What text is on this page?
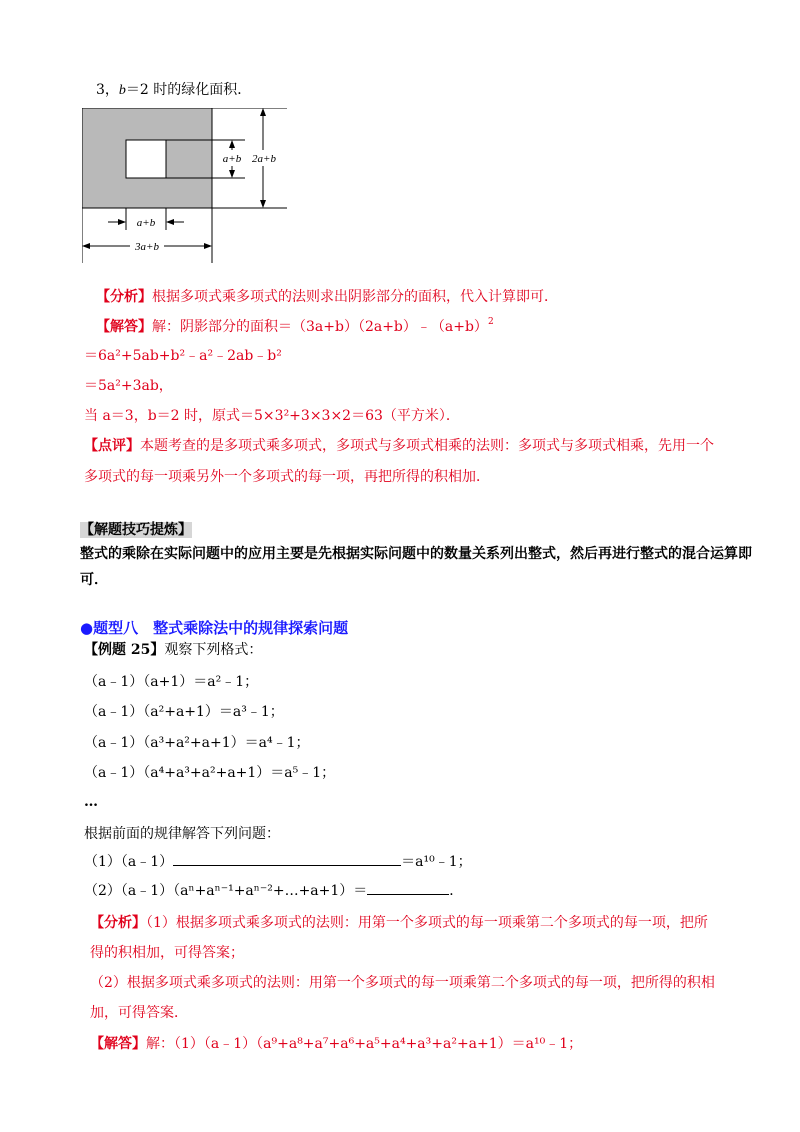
3，b＝2 时的绿化面积．
a+b 2a+b
a+b
3a+b
【分析】根据多项式乘多项式的法则求出阴影部分的面积，代入计算即可．
【解答】解：阴影部分的面积$=(3a+b)(2a+b)﹣(a+b)^2$
＝6a²+5ab+b²﹣a²﹣2ab﹣b²
＝5a²+3ab，
当 a＝3，b＝2 时，原式＝5×3²+3×3×2＝63（平方米）．
【点评】本题考查的是多项式乘多项式，多项式与多项式相乘的法则：多项式与多项式相乘，先用一个
多项式的每一项乘另外一个多项式的每一项，再把所得的积相加．
【解题技巧提炼】
整式的乘除在实际问题中的应用主要是先根据实际问题中的数量关系列出整式，然后再进行整式的混合运算即
可．
●题型八　整式乘除法中的规律探索问题
【例题 25】观察下列格式：
（a﹣1）（a+1）＝a²﹣1；
（a﹣1）（a²+a+1）＝a³﹣1；
（a﹣1）（a³+a²+a+1）＝a⁴﹣1；
（a﹣1）（a⁴+a³+a²+a+1）＝a⁵﹣1；
…
根据前面的规律解答下列问题：
（1）（a﹣1）	＝a¹⁰﹣1；
（2）（a﹣1）（aⁿ+aⁿ⁻¹+aⁿ⁻²+…+a+1）＝	．
【分析】（1）根据多项式乘多项式的法则：用第一个多项式的每一项乘第二个多项式的每一项，把所
得的积相加，可得答案；
（2）根据多项式乘多项式的法则：用第一个多项式的每一项乘第二个多项式的每一项，把所得的积相
加，可得答案．
【解答】解：（1）（a﹣1）（a⁹+a⁸+a⁷+a⁶+a⁵+a⁴+a³+a²+a+1）＝a¹⁰﹣1；
